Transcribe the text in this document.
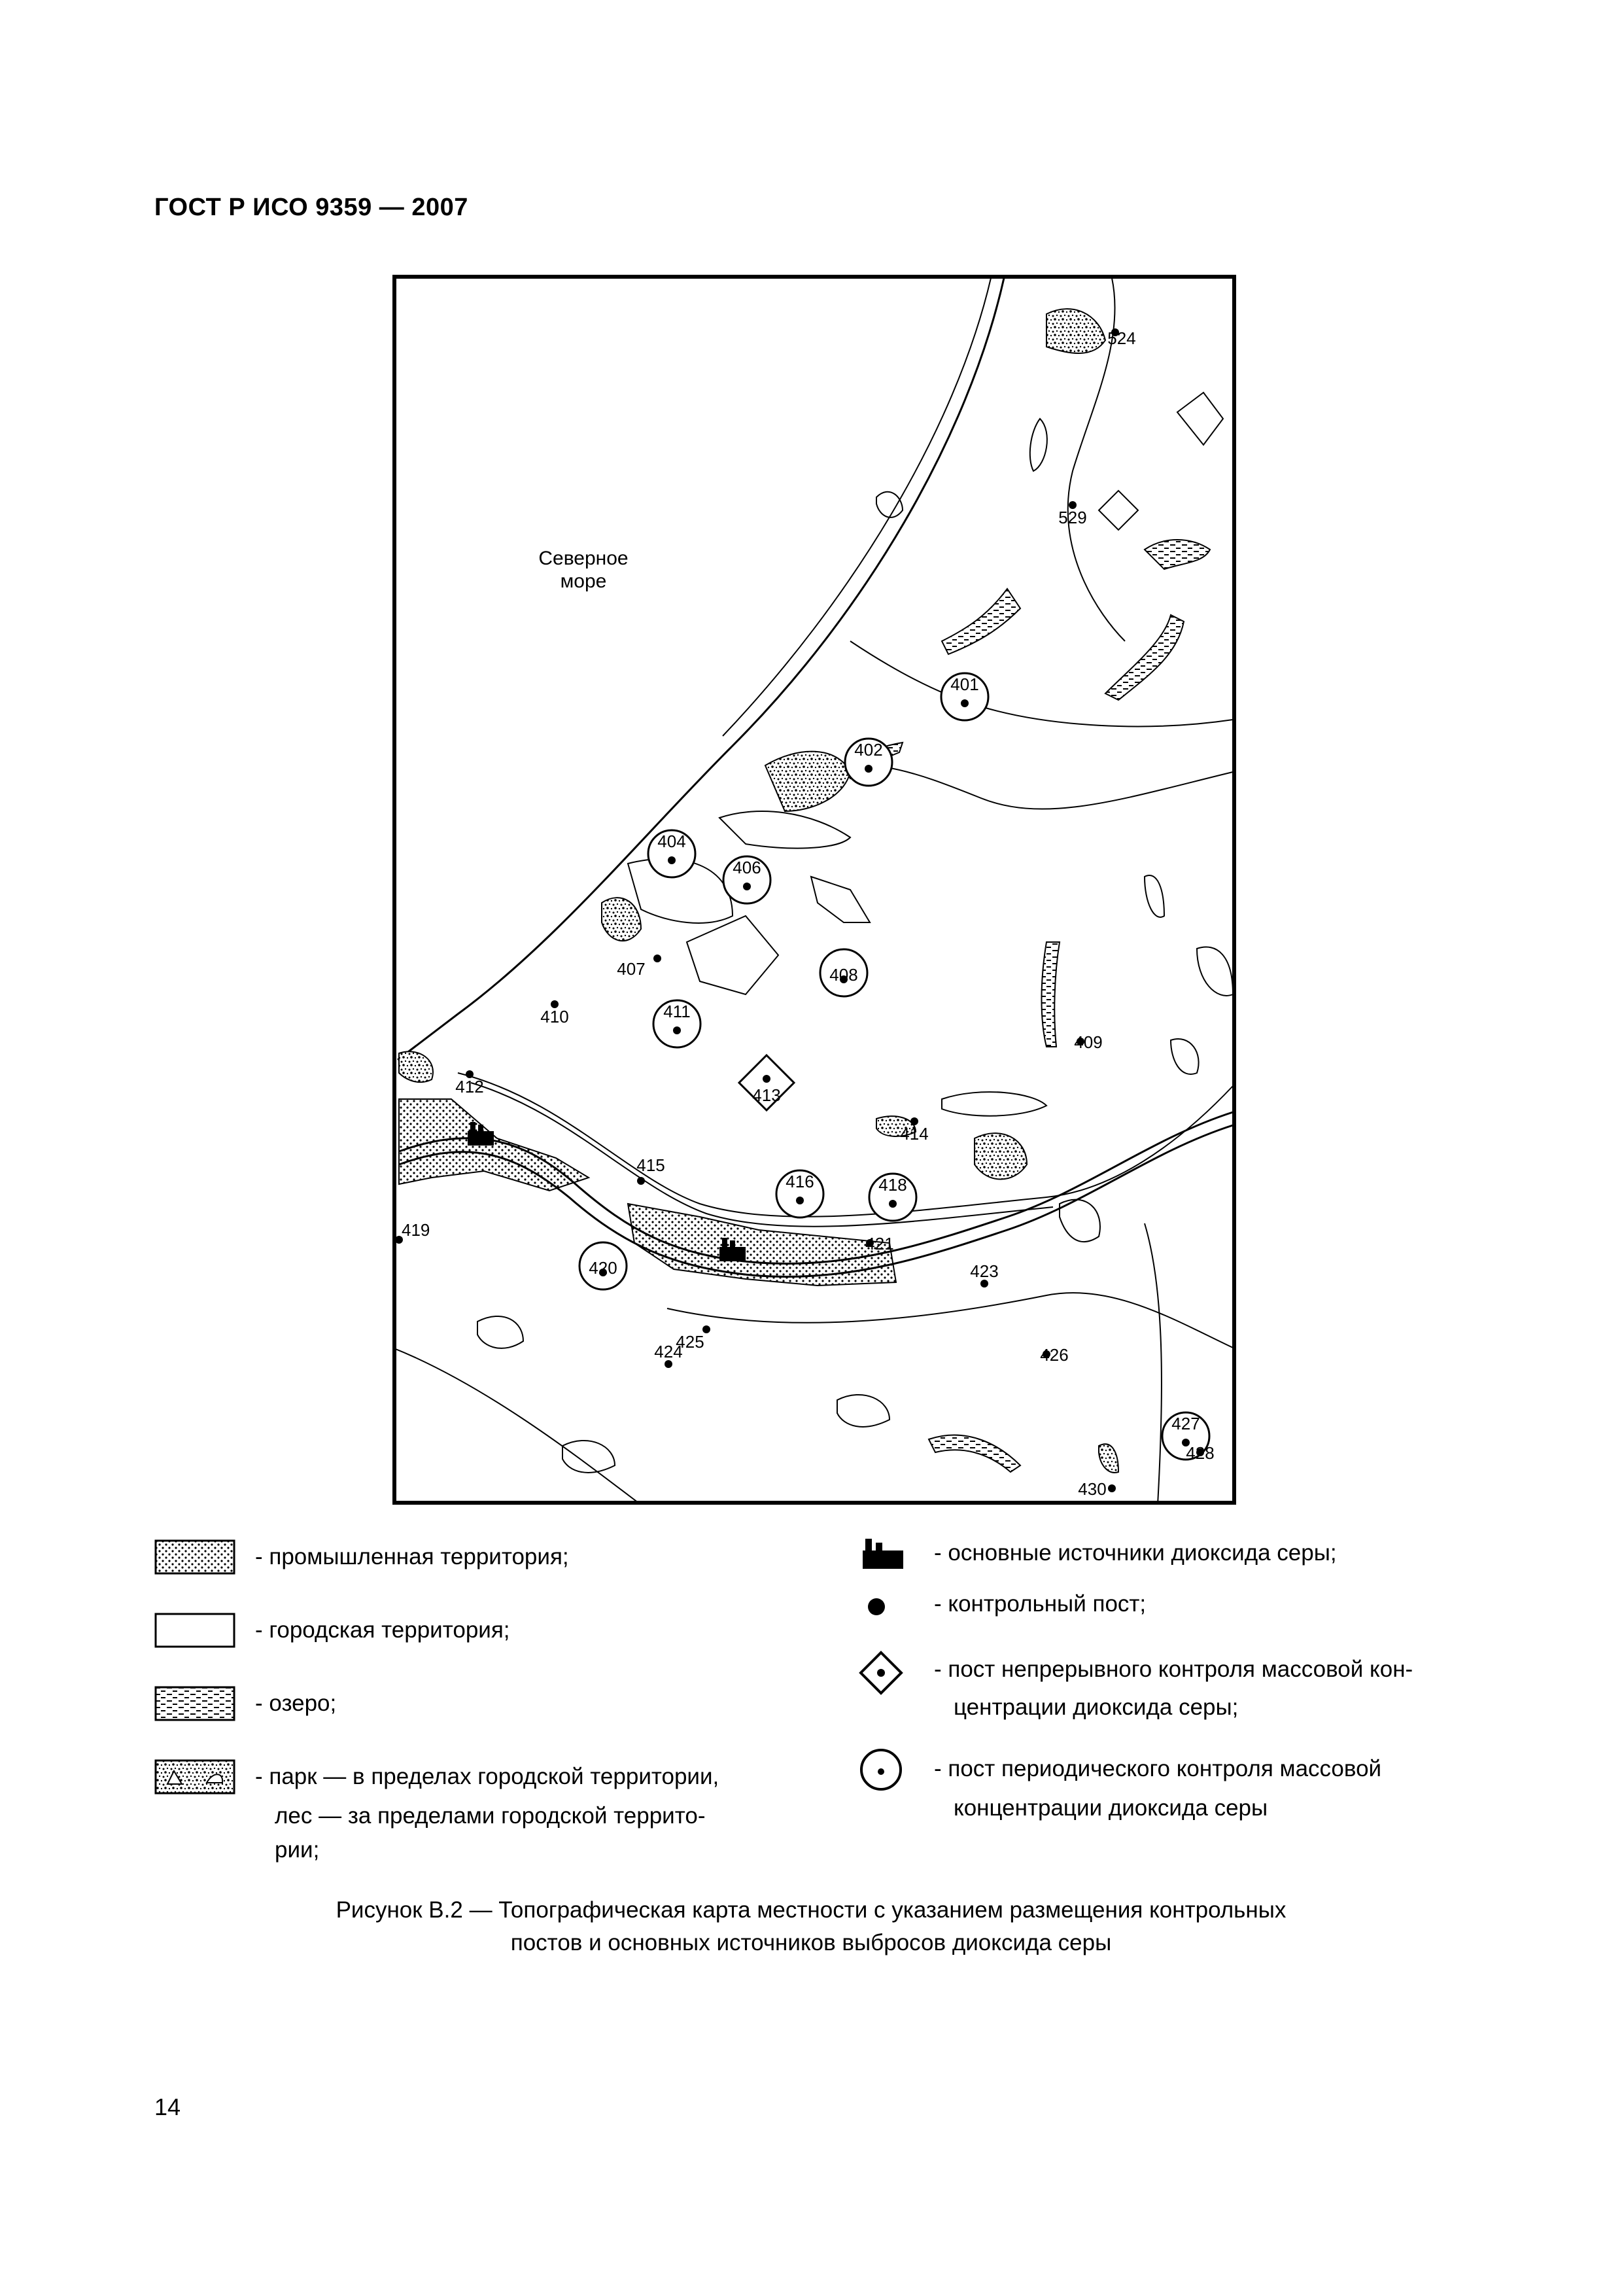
ГОСТ Р ИСО 9359 — 2007
Северное
море
524
529
401
402
404
406
407	408
409
410	411
412	413
414
415
416	418
419
420
421
423
424
425
426
427
428
430
- промышленная территория;
- городская территория;
- озеро;
- парк — в пределах городской территории,
лес — за пределами городской террито-
рии;
- основные источники диоксида серы;
- контрольный пост;
- пост непрерывного контроля массовой кон-
центрации диоксида серы;
- пост периодического контроля массовой
концентрации диоксида серы
Рисунок В.2 — Топографическая карта местности с указанием размещения контрольных
постов и основных источников выбросов диоксида серы
14
